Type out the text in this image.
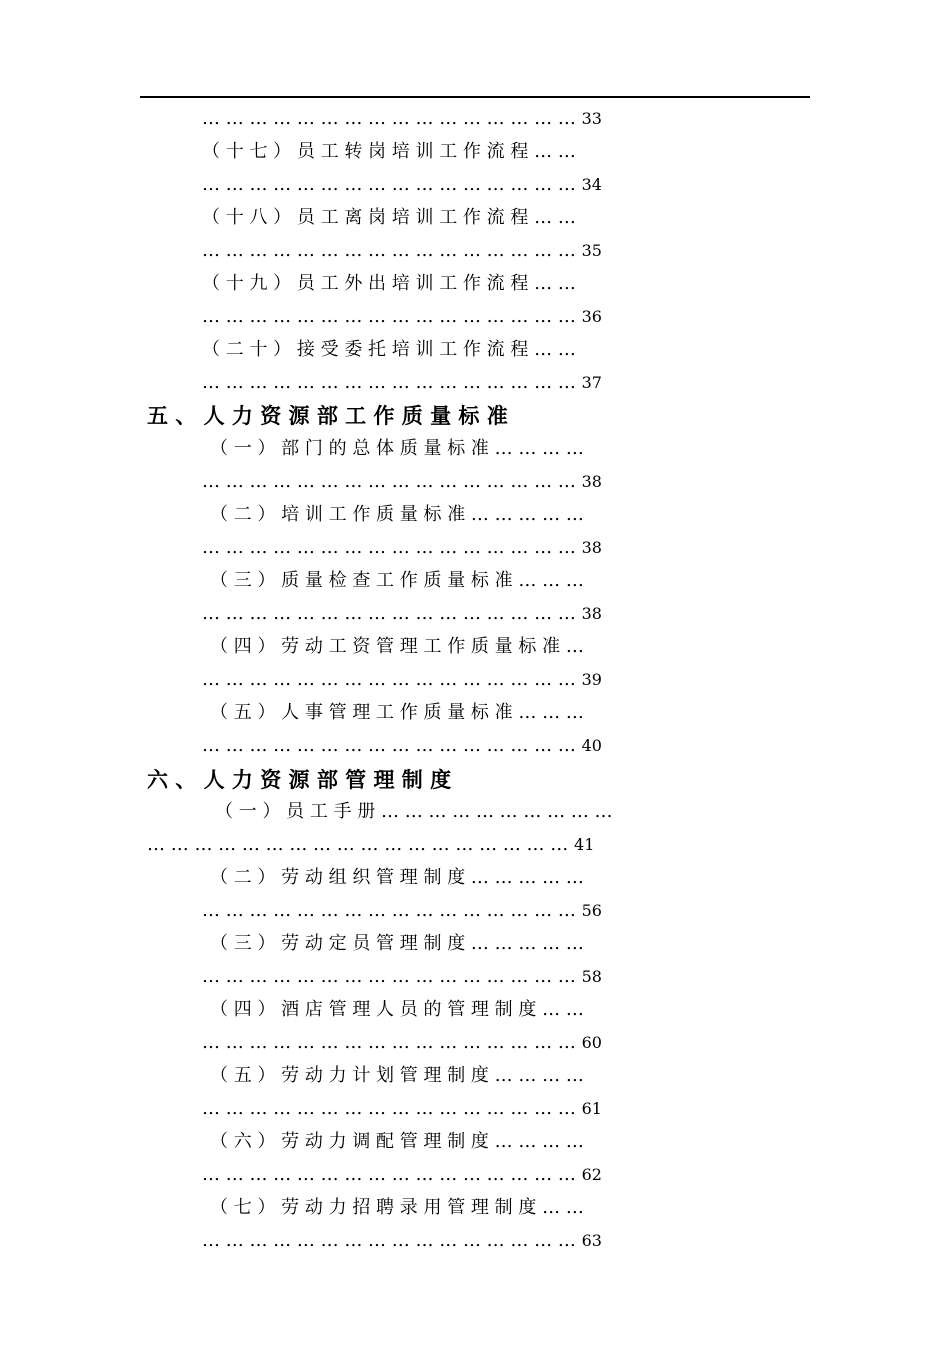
… … … … … … … … … … … … … … … … 33
（ 十 七 ） 员 工 转 岗 培 训 工 作 流 程 … …
… … … … … … … … … … … … … … … … 34
（ 十 八 ） 员 工 离 岗 培 训 工 作 流 程 … …
… … … … … … … … … … … … … … … … 35
（ 十 九 ） 员 工 外 出 培 训 工 作 流 程 … …
… … … … … … … … … … … … … … … … 36
（ 二 十 ） 接 受 委 托 培 训 工 作 流 程 … …
… … … … … … … … … … … … … … … … 37
五 、 人 力 资 源 部 工 作 质 量 标 准
（ 一 ） 部 门 的 总 体 质 量 标 准 … … … …
… … … … … … … … … … … … … … … … 38
（ 二 ） 培 训 工 作 质 量 标 准 … … … … …
… … … … … … … … … … … … … … … … 38
（ 三 ） 质 量 检 查 工 作 质 量 标 准 … … …
… … … … … … … … … … … … … … … … 38
（ 四 ） 劳 动 工 资 管 理 工 作 质 量 标 准 …
… … … … … … … … … … … … … … … … 39
（ 五 ） 人 事 管 理 工 作 质 量 标 准 … … …
… … … … … … … … … … … … … … … … 40
六 、 人 力 资 源 部 管 理 制 度
（ 一 ） 员 工 手 册 … … … … … … … … … …
… … … … … … … … … … … … … … … … … … 41
（ 二 ） 劳 动 组 织 管 理 制 度 … … … … …
… … … … … … … … … … … … … … … … 56
（ 三 ） 劳 动 定 员 管 理 制 度 … … … … …
… … … … … … … … … … … … … … … … 58
（ 四 ） 酒 店 管 理 人 员 的 管 理 制 度 … …
… … … … … … … … … … … … … … … … 60
（ 五 ） 劳 动 力 计 划 管 理 制 度 … … … …
… … … … … … … … … … … … … … … … 61
（ 六 ） 劳 动 力 调 配 管 理 制 度 … … … …
… … … … … … … … … … … … … … … … 62
（ 七 ） 劳 动 力 招 聘 录 用 管 理 制 度 … …
… … … … … … … … … … … … … … … … 63
